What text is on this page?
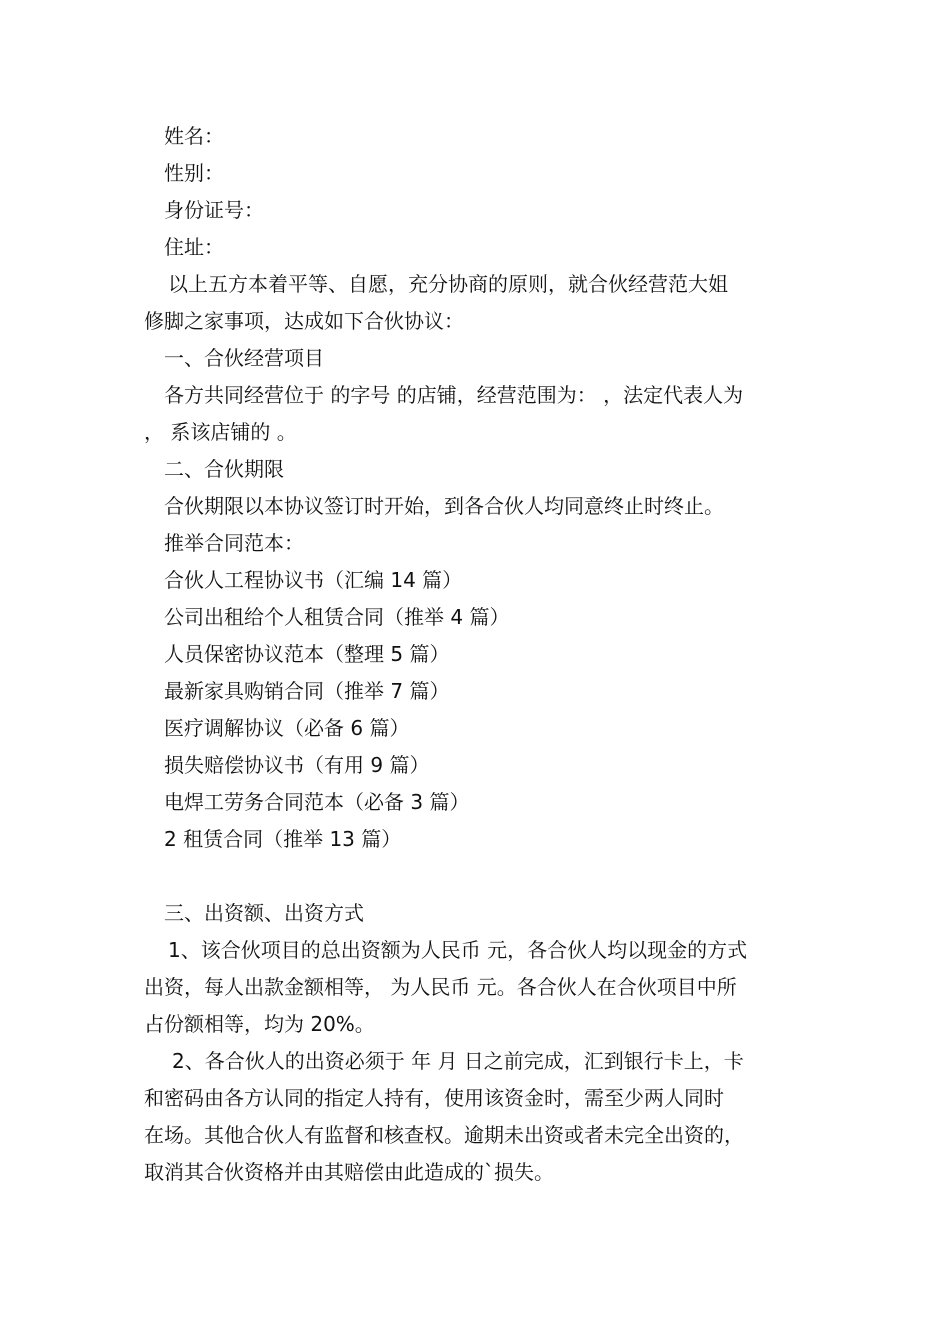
姓名：

性别：

身份证号：

住址：

以上五方本着平等、自愿，充分协商的原则，就合伙经营范大姐

修脚之家事项，达成如下合伙协议：

一、合伙经营项目

各方共同经营位于 的字号 的店铺，经营范围为： ，法定代表人为

， 系该店铺的 。

二、合伙期限

合伙期限以本协议签订时开始，到各合伙人均同意终止时终止。

推举合同范本：

合伙人工程协议书（汇编 14 篇）

公司出租给个人租赁合同（推举 4 篇）

人员保密协议范本（整理 5 篇）

最新家具购销合同（推举 7 篇）

医疗调解协议（必备 6 篇）

损失赔偿协议书（有用 9 篇）

电焊工劳务合同范本（必备 3 篇）

2 租赁合同（推举 13 篇）

三、出资额、出资方式

1、该合伙项目的总出资额为人民币 元，各合伙人均以现金的方式

出资，每人出款金额相等， 为人民币 元。各合伙人在合伙项目中所

占份额相等，均为 20%。

2、各合伙人的出资必须于 年 月 日之前完成，汇到银行卡上，卡

和密码由各方认同的指定人持有，使用该资金时，需至少两人同时

在场。其他合伙人有监督和核查权。逾期未出资或者未完全出资的，

取消其合伙资格并由其赔偿由此造成的`损失。
